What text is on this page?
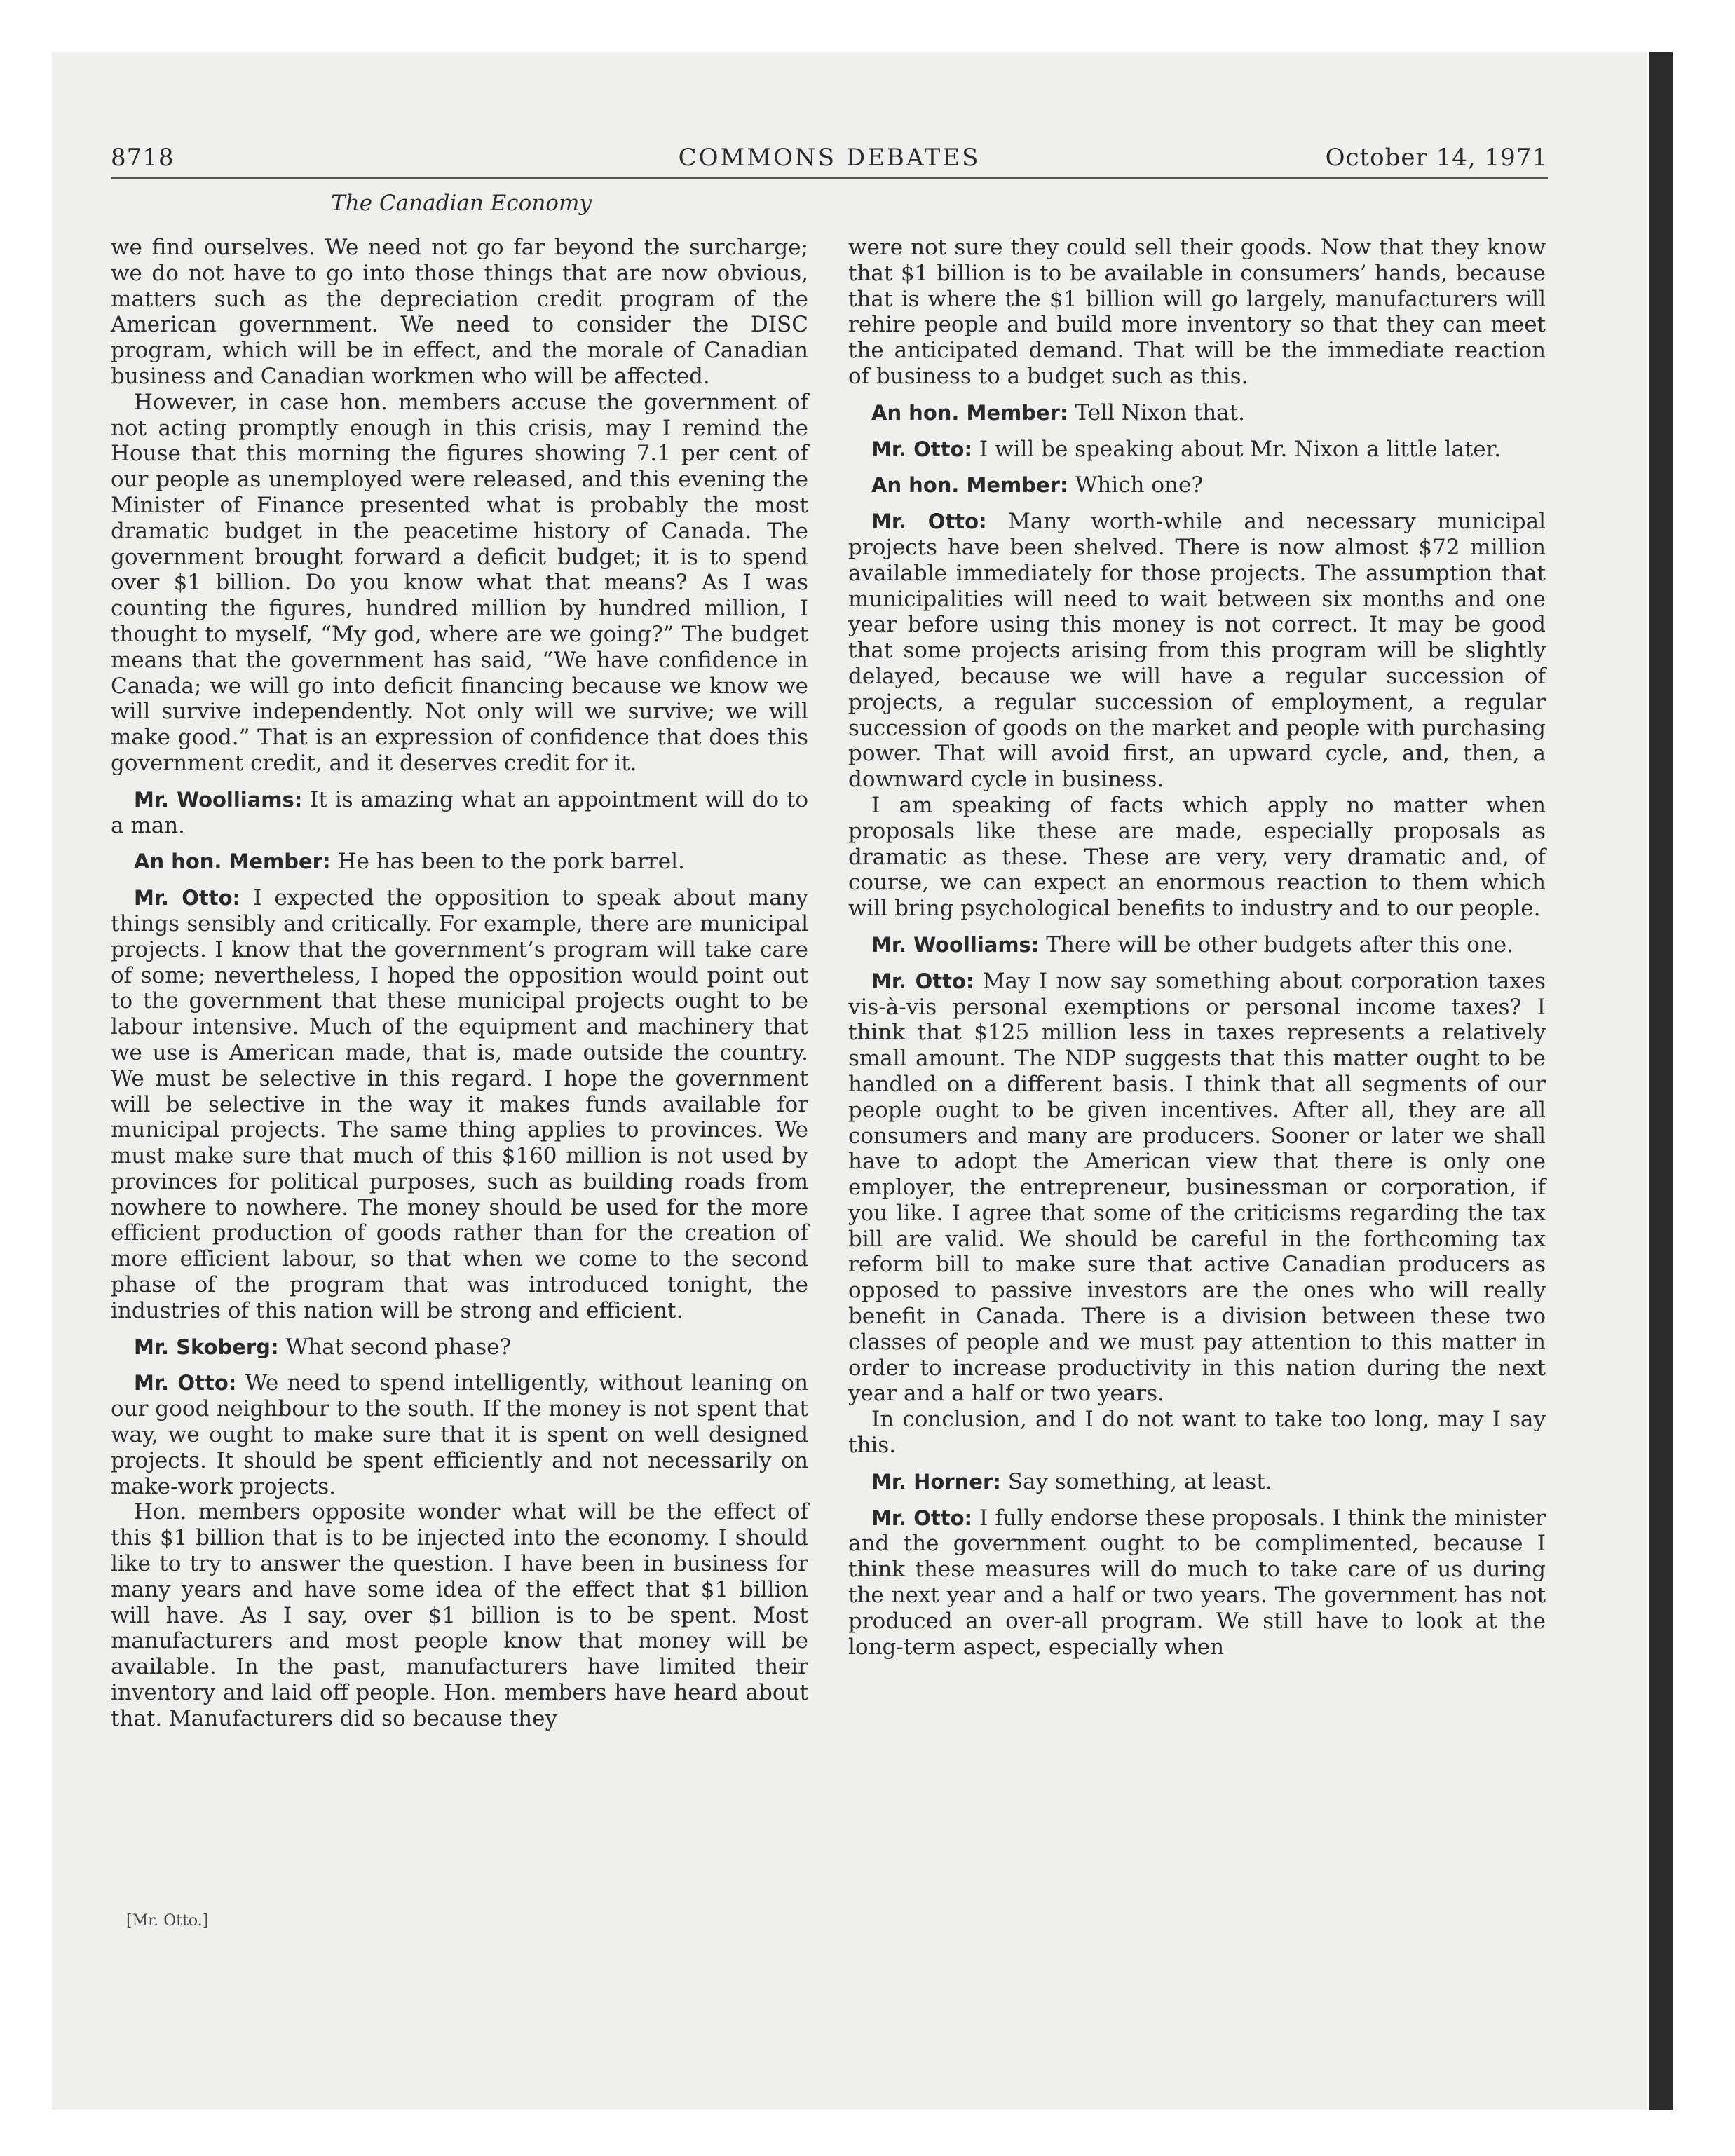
8718	COMMONS DEBATES	October 14, 1971
The Canadian Economy

we find ourselves. We need not go far beyond the surcharge; we do not have to go into those things that are now obvious, matters such as the depreciation credit program of the American government. We need to consider the DISC program, which will be in effect, and the morale of Canadian business and Canadian workmen who will be affected.

However, in case hon. members accuse the government of not acting promptly enough in this crisis, may I remind the House that this morning the figures showing 7.1 per cent of our people as unemployed were released, and this evening the Minister of Finance presented what is probably the most dramatic budget in the peacetime history of Canada. The government brought forward a deficit budget; it is to spend over $1 billion. Do you know what that means? As I was counting the figures, hundred million by hundred million, I thought to myself, “My god, where are we going?” The budget means that the government has said, “We have confidence in Canada; we will go into deficit financing because we know we will survive independently. Not only will we survive; we will make good.” That is an expression of confidence that does this government credit, and it deserves credit for it.

Mr. Woolliams: It is amazing what an appointment will do to a man.

An hon. Member: He has been to the pork barrel.

Mr. Otto: I expected the opposition to speak about many things sensibly and critically. For example, there are municipal projects. I know that the government’s program will take care of some; nevertheless, I hoped the opposition would point out to the government that these municipal projects ought to be labour intensive. Much of the equipment and machinery that we use is American made, that is, made outside the country. We must be selective in this regard. I hope the government will be selective in the way it makes funds available for municipal projects. The same thing applies to provinces. We must make sure that much of this $160 million is not used by provinces for political purposes, such as building roads from nowhere to nowhere. The money should be used for the more efficient production of goods rather than for the creation of more efficient labour, so that when we come to the second phase of the program that was introduced tonight, the industries of this nation will be strong and efficient.

Mr. Skoberg: What second phase?

Mr. Otto: We need to spend intelligently, without leaning on our good neighbour to the south. If the money is not spent that way, we ought to make sure that it is spent on well designed projects. It should be spent efficiently and not necessarily on make-work projects.

Hon. members opposite wonder what will be the effect of this $1 billion that is to be injected into the economy. I should like to try to answer the question. I have been in business for many years and have some idea of the effect that $1 billion will have. As I say, over $1 billion is to be spent. Most manufacturers and most people know that money will be available. In the past, manufacturers have limited their inventory and laid off people. Hon. members have heard about that. Manufacturers did so because they

were not sure they could sell their goods. Now that they know that $1 billion is to be available in consumers’ hands, because that is where the $1 billion will go largely, manufacturers will rehire people and build more inventory so that they can meet the anticipated demand. That will be the immediate reaction of business to a budget such as this.

An hon. Member: Tell Nixon that.

Mr. Otto: I will be speaking about Mr. Nixon a little later.

An hon. Member: Which one?

Mr. Otto: Many worth-while and necessary municipal projects have been shelved. There is now almost $72 million available immediately for those projects. The assumption that municipalities will need to wait between six months and one year before using this money is not correct. It may be good that some projects arising from this program will be slightly delayed, because we will have a regular succession of projects, a regular succession of employment, a regular succession of goods on the market and people with purchasing power. That will avoid first, an upward cycle, and, then, a downward cycle in business.

I am speaking of facts which apply no matter when proposals like these are made, especially proposals as dramatic as these. These are very, very dramatic and, of course, we can expect an enormous reaction to them which will bring psychological benefits to industry and to our people.

Mr. Woolliams: There will be other budgets after this one.

Mr. Otto: May I now say something about corporation taxes vis-à-vis personal exemptions or personal income taxes? I think that $125 million less in taxes represents a relatively small amount. The NDP suggests that this matter ought to be handled on a different basis. I think that all segments of our people ought to be given incentives. After all, they are all consumers and many are producers. Sooner or later we shall have to adopt the American view that there is only one employer, the entrepreneur, businessman or corporation, if you like. I agree that some of the criticisms regarding the tax bill are valid. We should be careful in the forthcoming tax reform bill to make sure that active Canadian producers as opposed to passive investors are the ones who will really benefit in Canada. There is a division between these two classes of people and we must pay attention to this matter in order to increase productivity in this nation during the next year and a half or two years.

In conclusion, and I do not want to take too long, may I say this.

Mr. Horner: Say something, at least.

Mr. Otto: I fully endorse these proposals. I think the minister and the government ought to be complimented, because I think these measures will do much to take care of us during the next year and a half or two years. The government has not produced an over-all program. We still have to look at the long-term aspect, especially when

[Mr. Otto.]
